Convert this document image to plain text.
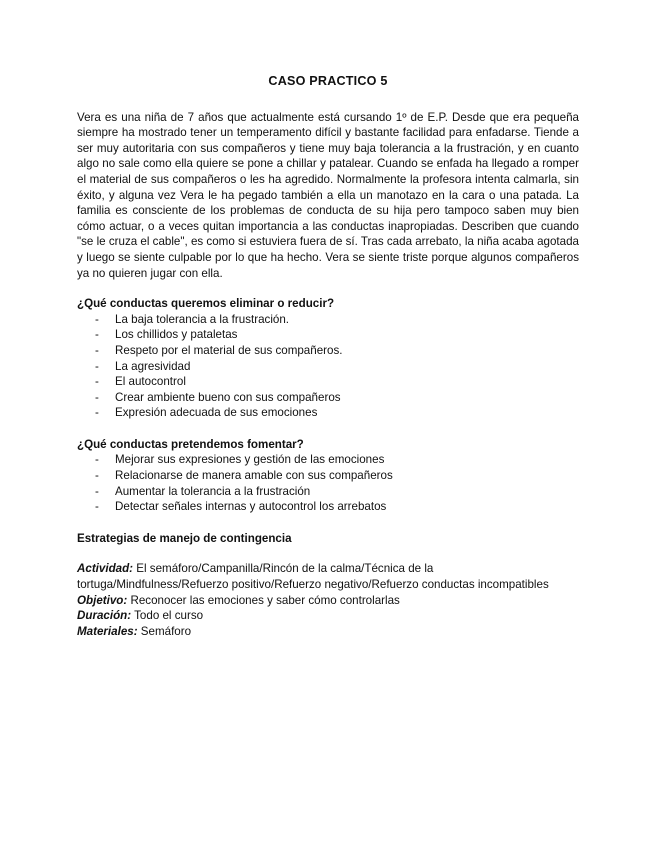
CASO PRACTICO 5

Vera es una niña de 7 años que actualmente está cursando 1º de E.P. Desde que era pequeña siempre ha mostrado tener un temperamento difícil y bastante facilidad para enfadarse. Tiende a ser muy autoritaria con sus compañeros y tiene muy baja tolerancia a la frustración, y en cuanto algo no sale como ella quiere se pone a chillar y patalear. Cuando se enfada ha llegado a romper el material de sus compañeros o les ha agredido. Normalmente la profesora intenta calmarla, sin éxito, y alguna vez Vera le ha pegado también a ella un manotazo en la cara o una patada. La familia es consciente de los problemas de conducta de su hija pero tampoco saben muy bien cómo actuar, o a veces quitan importancia a las conductas inapropiadas. Describen que cuando "se le cruza el cable", es como si estuviera fuera de sí. Tras cada arrebato, la niña acaba agotada y luego se siente culpable por lo que ha hecho. Vera se siente triste porque algunos compañeros ya no quieren jugar con ella.

¿Qué conductas queremos eliminar o reducir?

- La baja tolerancia a la frustración.
- Los chillidos y pataletas
- Respeto por el material de sus compañeros.
- La agresividad
- El autocontrol
- Crear ambiente bueno con sus compañeros
- Expresión adecuada de sus emociones

¿Qué conductas pretendemos fomentar?

- Mejorar sus expresiones y gestión de las emociones
- Relacionarse de manera amable con sus compañeros
- Aumentar la tolerancia a la frustración
- Detectar señales internas y autocontrol los arrebatos

Estrategias de manejo de contingencia

Actividad: El semáforo/Campanilla/Rincón de la calma/Técnica de la tortuga/Mindfulness/Refuerzo positivo/Refuerzo negativo/Refuerzo conductas incompatibles

Objetivo: Reconocer las emociones y saber cómo controlarlas

Duración: Todo el curso

Materiales: Semáforo
